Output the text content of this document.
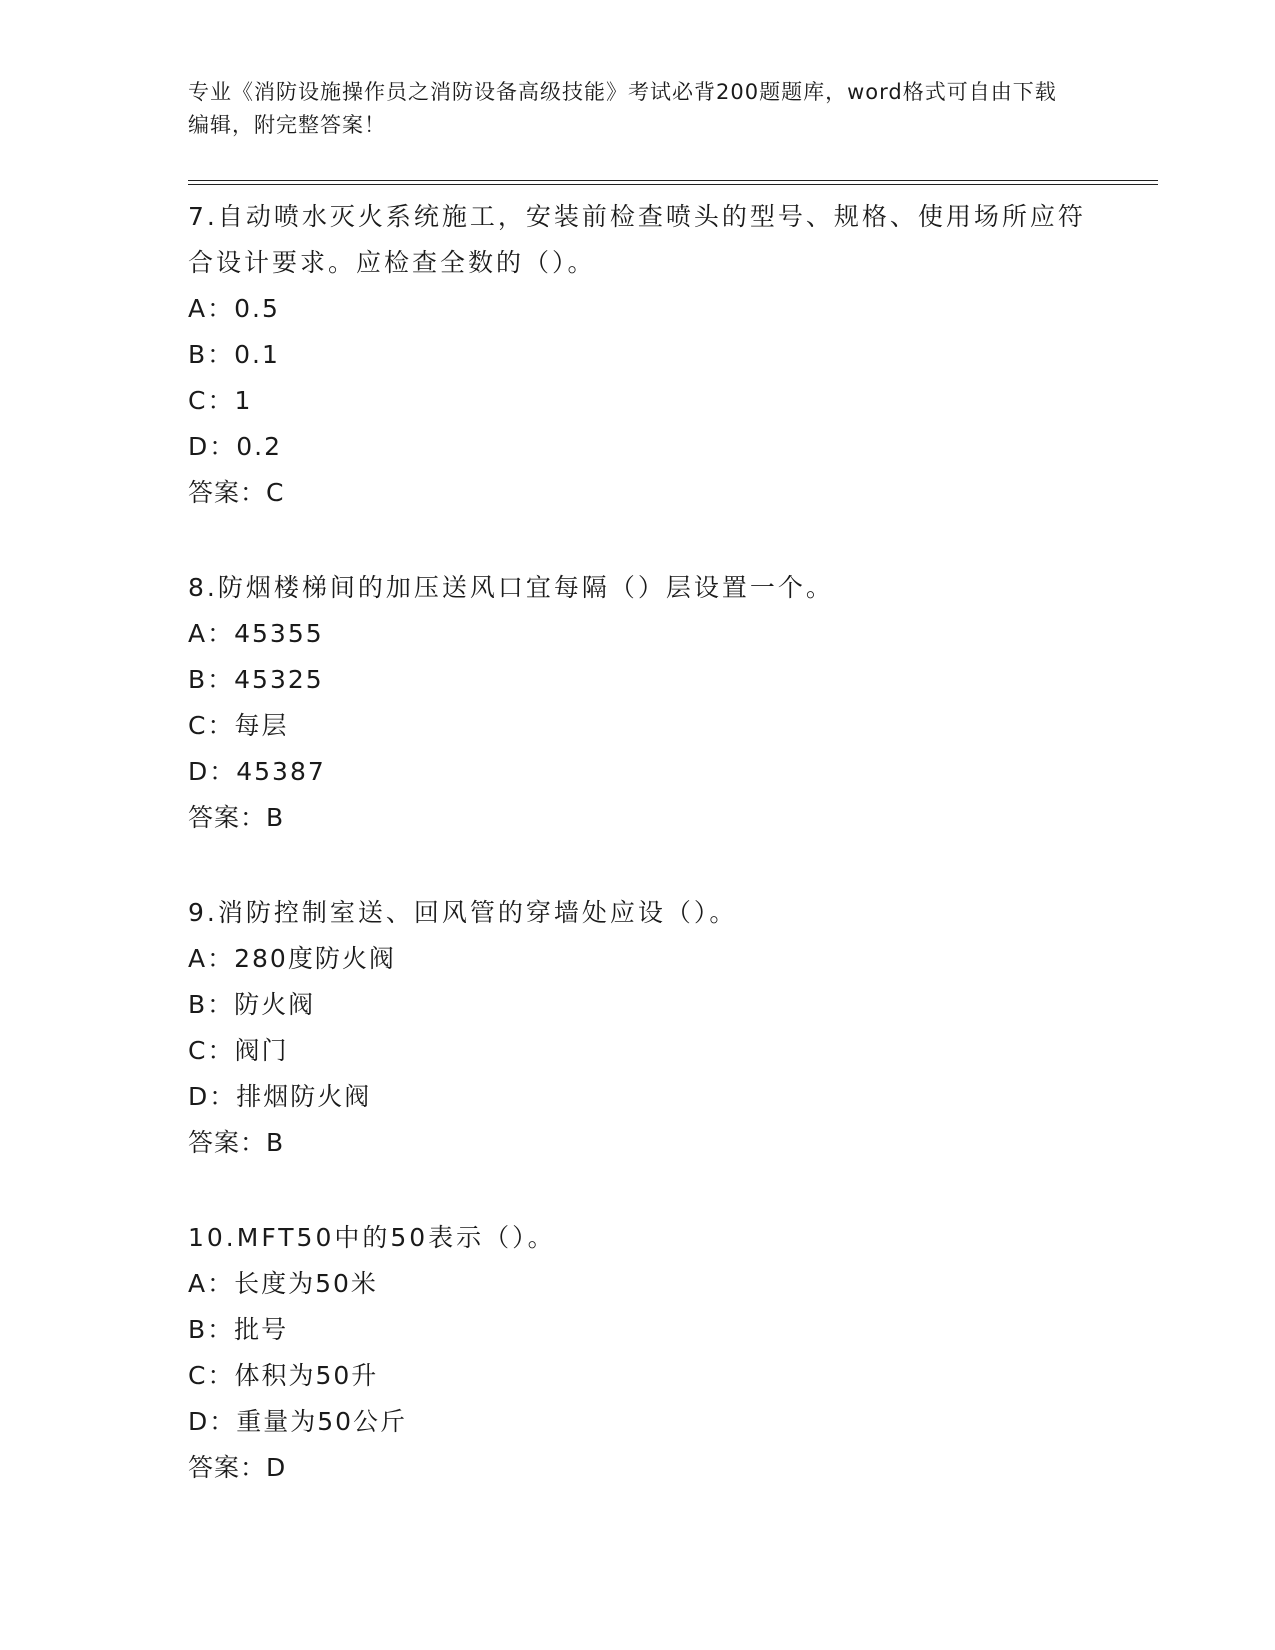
专业《消防设施操作员之消防设备高级技能》考试必背200题题库，word格式可自由下载编辑，附完整答案！
7.自动喷水灭火系统施工，安装前检查喷头的型号、规格、使用场所应符合设计要求。应检查全数的（）。
A：0.5
B：0.1
C：1
D：0.2
答案：C
8.防烟楼梯间的加压送风口宜每隔（）层设置一个。
A：45355
B：45325
C：每层
D：45387
答案：B
9.消防控制室送、回风管的穿墙处应设（）。
A：280度防火阀
B：防火阀
C：阀门
D：排烟防火阀
答案：B
10.MFT50中的50表示（）。
A：长度为50米
B：批号
C：体积为50升
D：重量为50公斤
答案：D
